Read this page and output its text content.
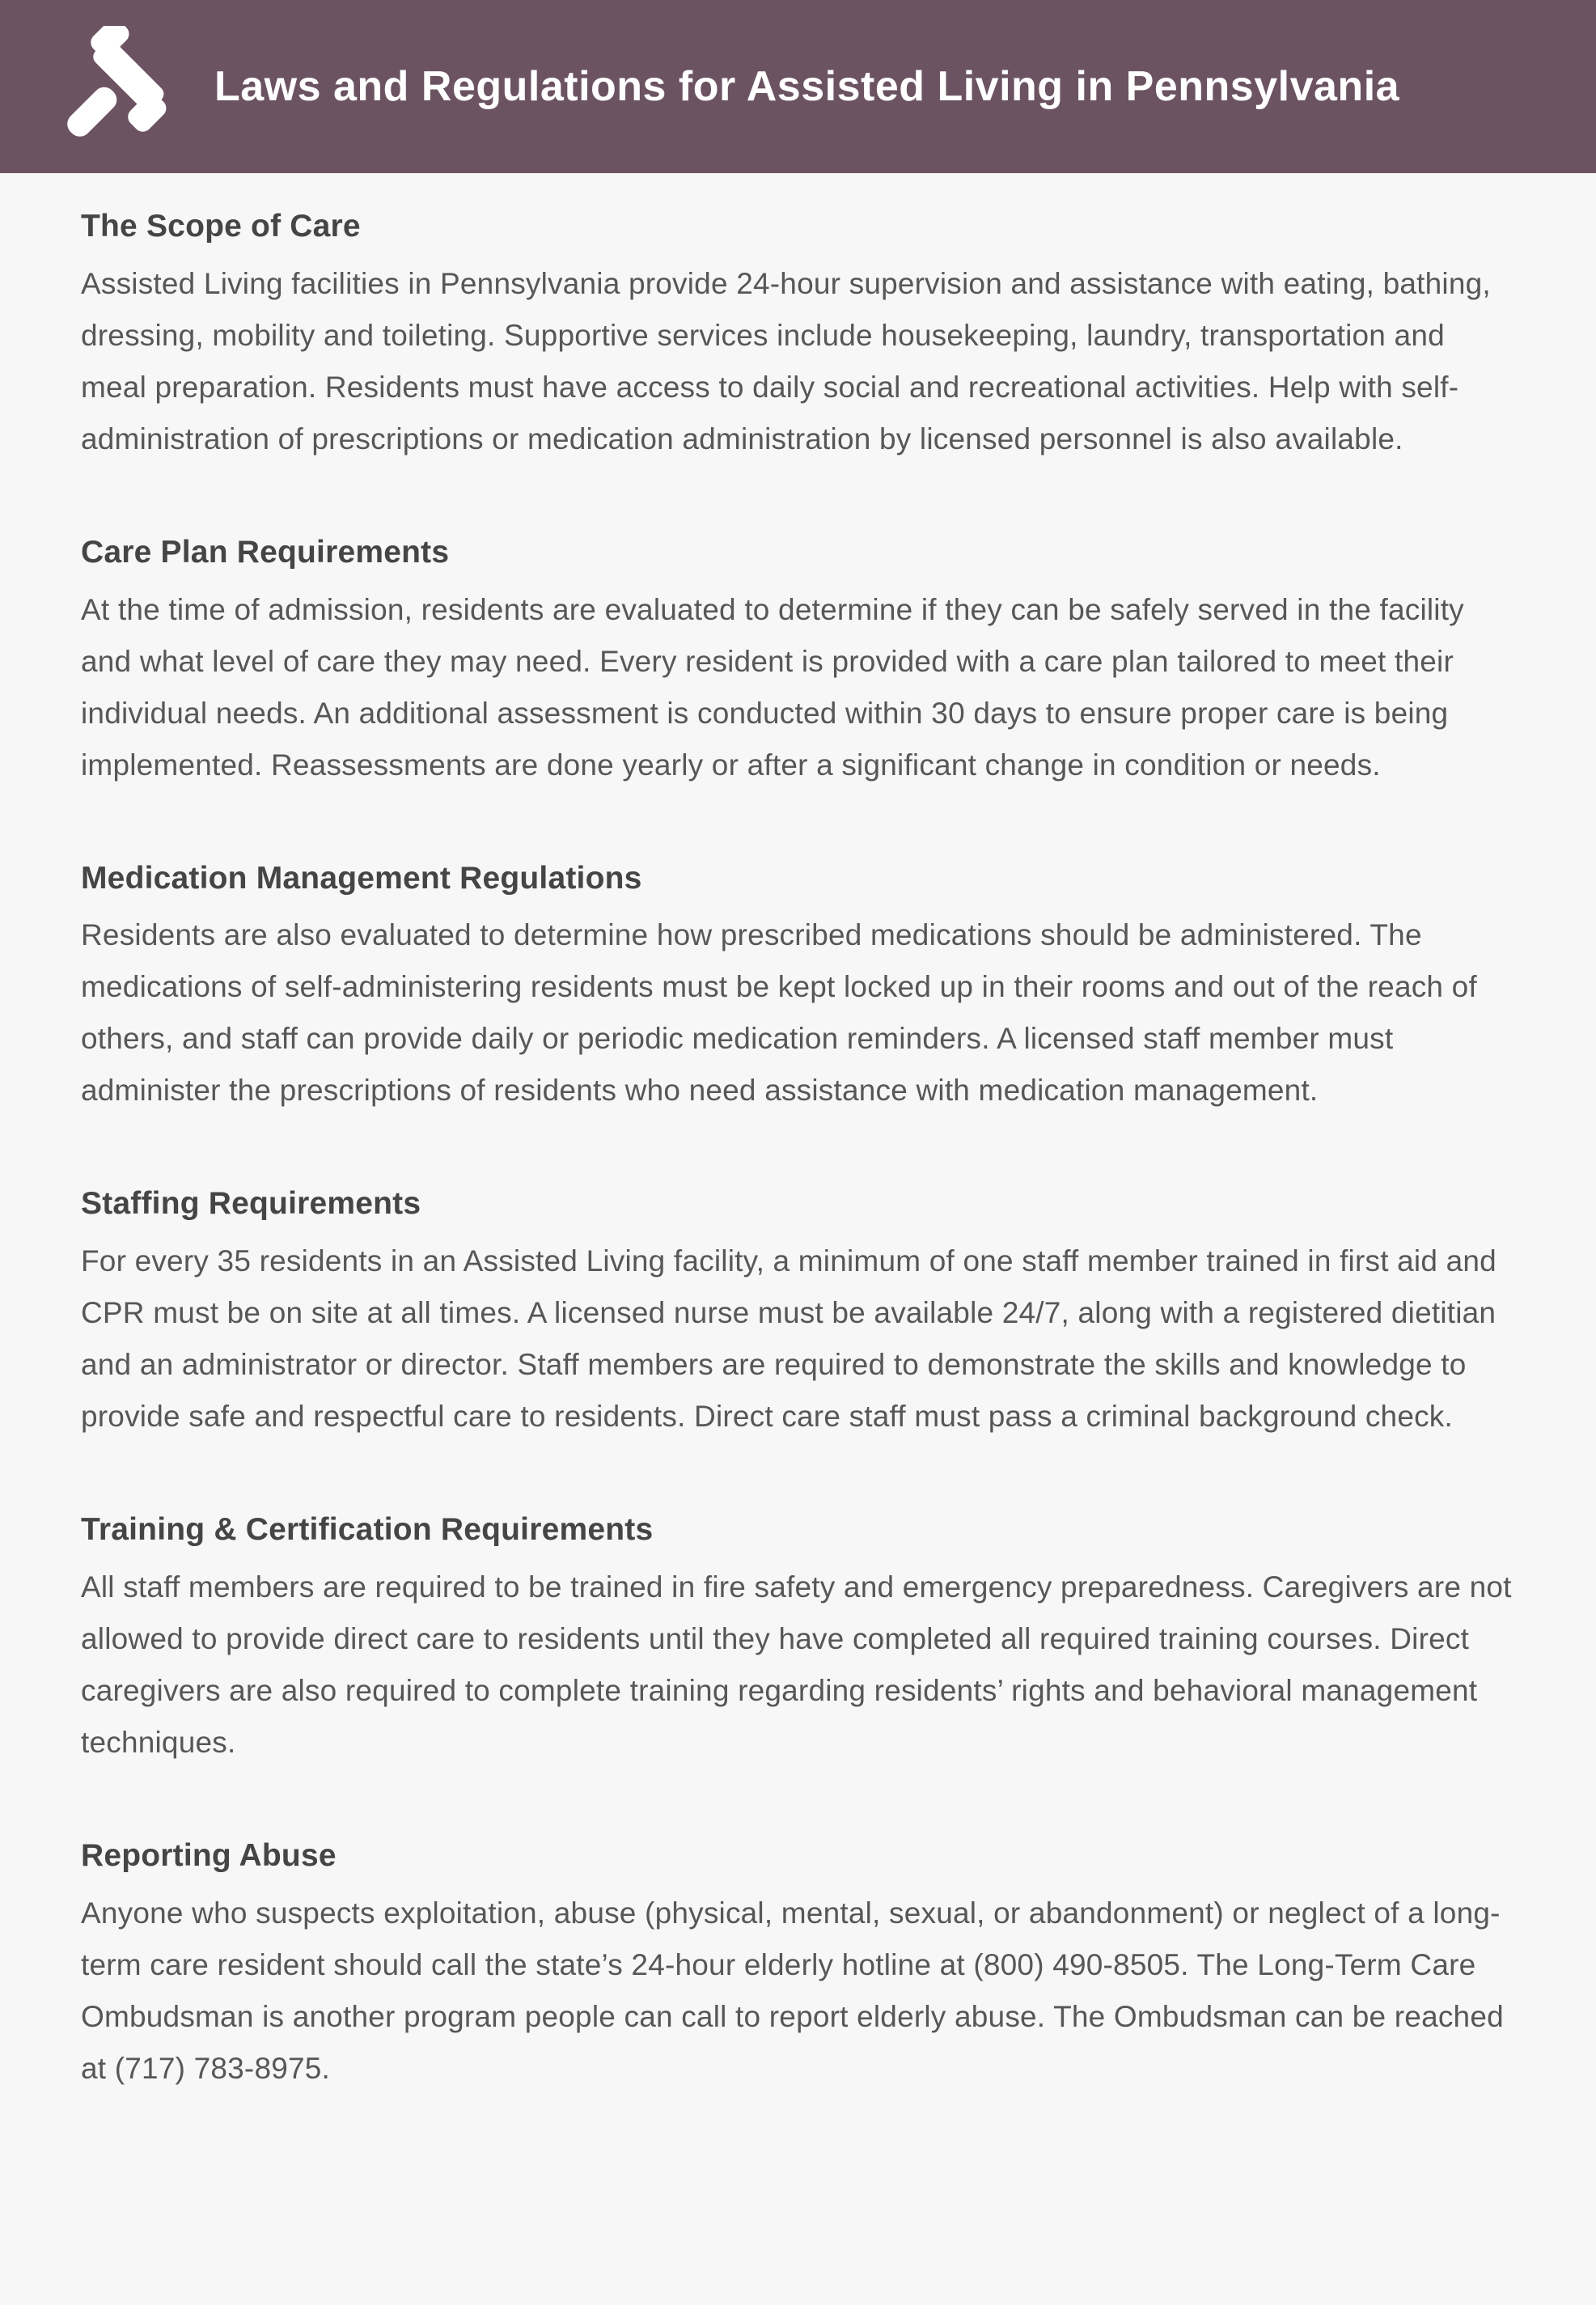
Laws and Regulations for Assisted Living in Pennsylvania
The Scope of Care

Assisted Living facilities in Pennsylvania provide 24-hour supervision and assistance with eating, bathing, dressing, mobility and toileting. Supportive services include housekeeping, laundry, transportation and meal preparation. Residents must have access to daily social and recreational activities. Help with self-administration of prescriptions or medication administration by licensed personnel is also available.

Care Plan Requirements

At the time of admission, residents are evaluated to determine if they can be safely served in the facility and what level of care they may need. Every resident is provided with a care plan tailored to meet their individual needs. An additional assessment is conducted within 30 days to ensure proper care is being implemented. Reassessments are done yearly or after a significant change in condition or needs.

Medication Management Regulations

Residents are also evaluated to determine how prescribed medications should be administered. The medications of self-administering residents must be kept locked up in their rooms and out of the reach of others, and staff can provide daily or periodic medication reminders. A licensed staff member must administer the prescriptions of residents who need assistance with medication management.

Staffing Requirements

For every 35 residents in an Assisted Living facility, a minimum of one staff member trained in first aid and CPR must be on site at all times. A licensed nurse must be available 24/7, along with a registered dietitian and an administrator or director. Staff members are required to demonstrate the skills and knowledge to provide safe and respectful care to residents. Direct care staff must pass a criminal background check.

Training & Certification Requirements

All staff members are required to be trained in fire safety and emergency preparedness. Caregivers are not allowed to provide direct care to residents until they have completed all required training courses. Direct caregivers are also required to complete training regarding residents’ rights and behavioral management techniques.

Reporting Abuse

Anyone who suspects exploitation, abuse (physical, mental, sexual, or abandonment) or neglect of a long-term care resident should call the state’s 24-hour elderly hotline at (800) 490-8505. The Long-Term Care Ombudsman is another program people can call to report elderly abuse. The Ombudsman can be reached at (717) 783-8975.
